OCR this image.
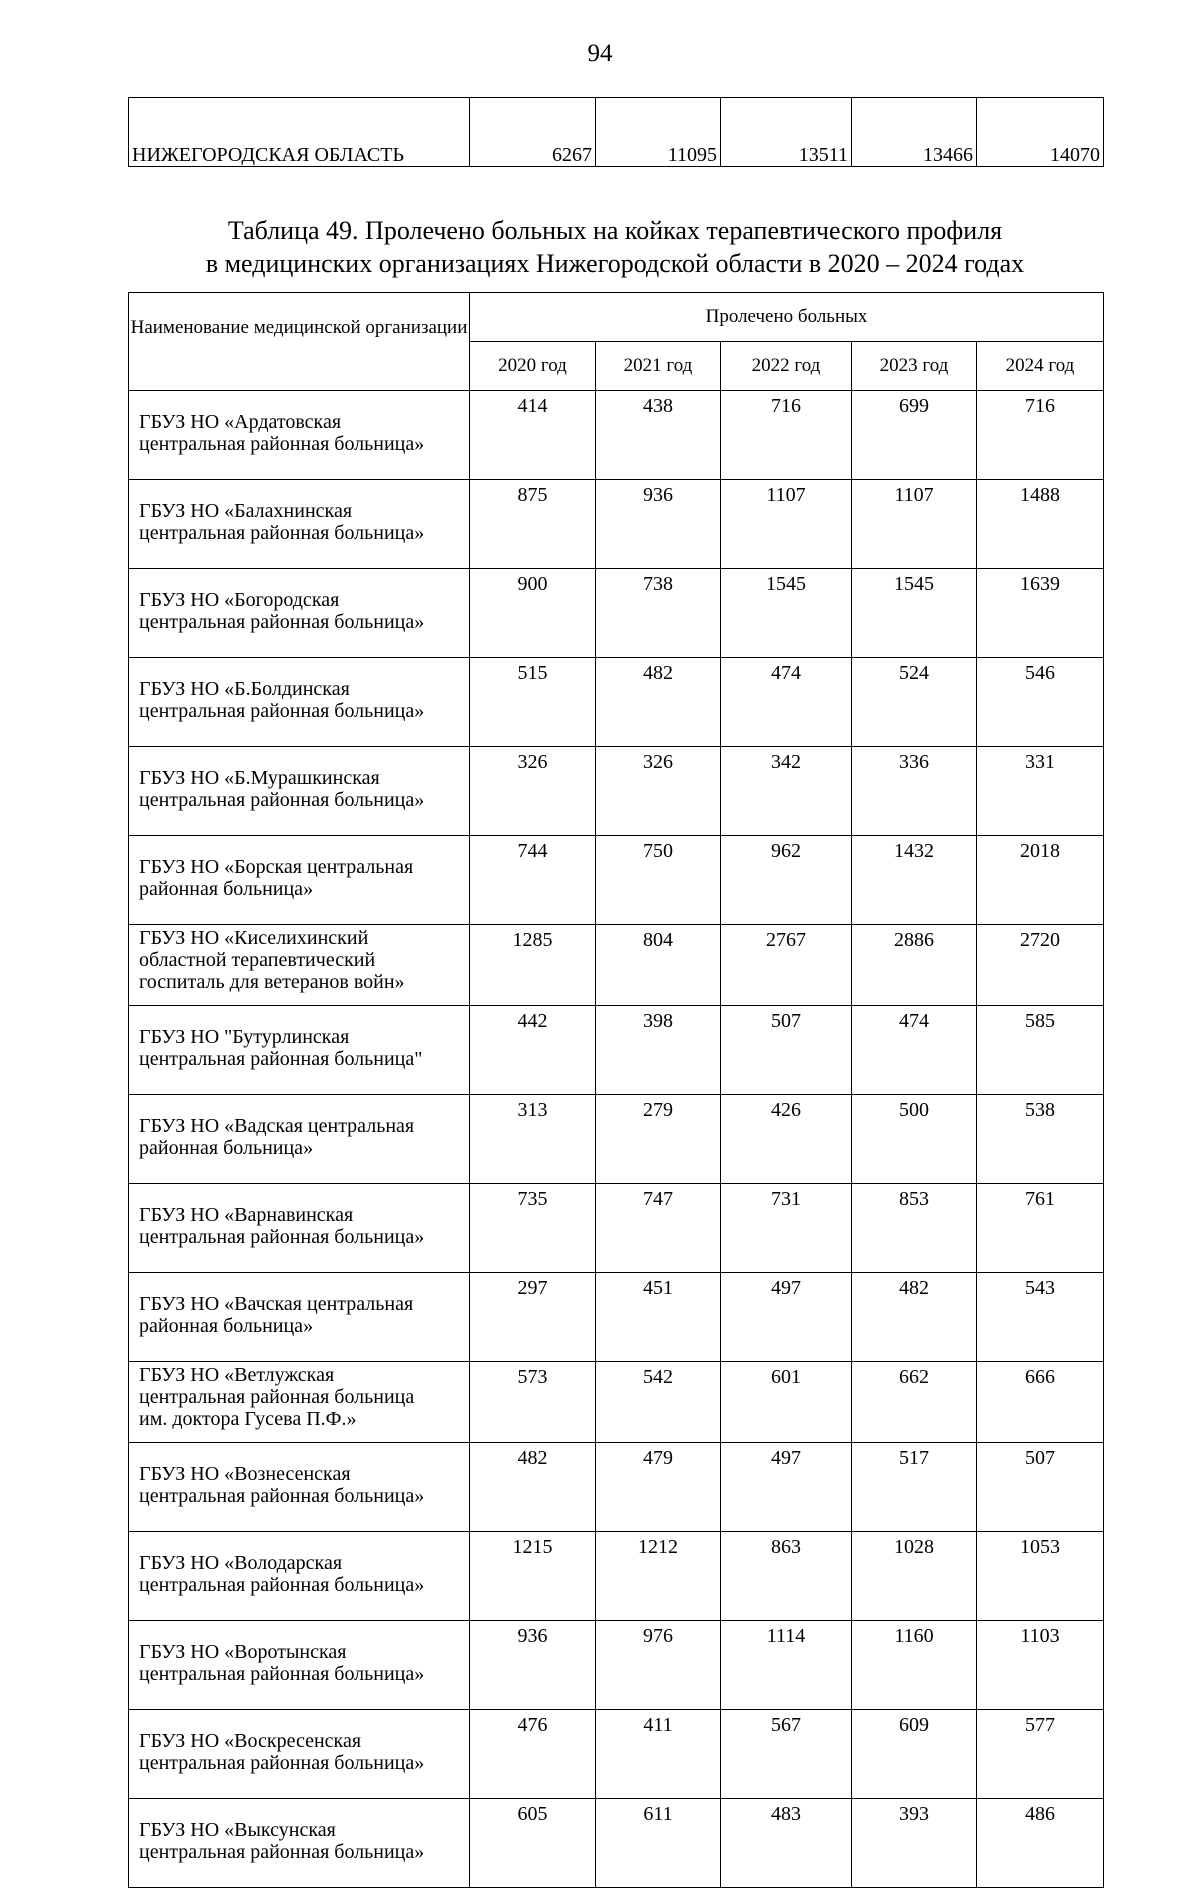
94
НИЖЕГОРОДСКАЯ ОБЛАСТЬ	6267	11095	13511	13466	14070
Таблица 49. Пролечено больных на койках терапевтического профиля
в медицинских организациях Нижегородской области в 2020 – 2024 годах
Наименование медицинской организации	Пролечено больных				
	2020 год	2021 год	2022 год	2023 год	2024 год

ГБУЗ НО «Ардатовская
центральная районная больница»	414	438	716	699	716

ГБУЗ НО «Балахнинская
центральная районная больница»	875	936	1107	1107	1488

ГБУЗ НО «Богородская
центральная районная больница»	900	738	1545	1545	1639

ГБУЗ НО «Б.Болдинская
центральная районная больница»	515	482	474	524	546

ГБУЗ НО «Б.Мурашкинская
центральная районная больница»	326	326	342	336	331

ГБУЗ НО «Борская центральная
районная больница»	744	750	962	1432	2018

ГБУЗ НО «Киселихинский
областной терапевтический
госпиталь для ветеранов войн»	1285	804	2767	2886	2720

ГБУЗ НО "Бутурлинская
центральная районная больница"	442	398	507	474	585

ГБУЗ НО «Вадская центральная
районная больница»	313	279	426	500	538

ГБУЗ НО «Варнавинская
центральная районная больница»	735	747	731	853	761

ГБУЗ НО «Вачская центральная
районная больница»	297	451	497	482	543

ГБУЗ НО «Ветлужская
центральная районная больница
им. доктора Гусева П.Ф.»	573	542	601	662	666

ГБУЗ НО «Вознесенская
центральная районная больница»	482	479	497	517	507

ГБУЗ НО «Володарская
центральная районная больница»	1215	1212	863	1028	1053

ГБУЗ НО «Воротынская
центральная районная больница»	936	976	1114	1160	1103

ГБУЗ НО «Воскресенская
центральная районная больница»	476	411	567	609	577

ГБУЗ НО «Выксунская
центральная районная больница»	605	611	483	393	486
